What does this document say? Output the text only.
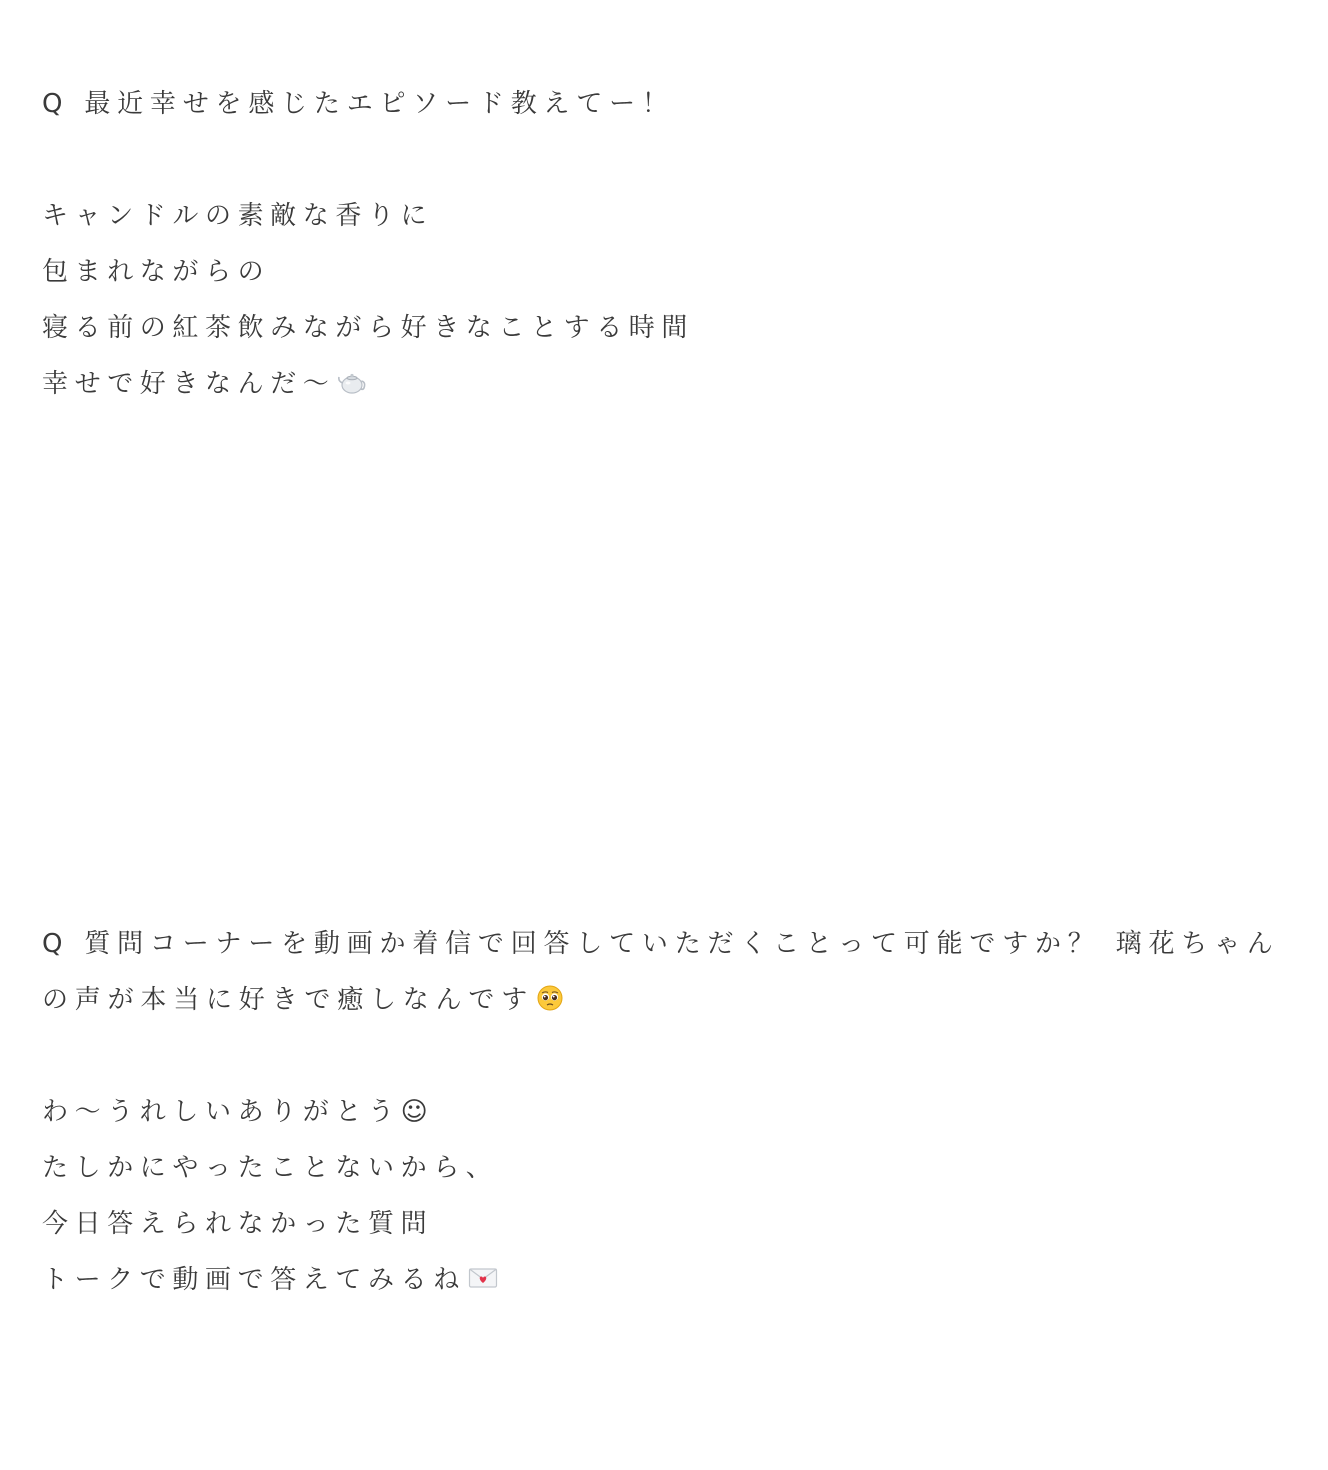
Q 最近幸せを感じたエピソード教えてー！
キャンドルの素敵な香りに
包まれながらの
寝る前の紅茶飲みながら好きなことする時間
幸せで好きなんだ〜
Q 質問コーナーを動画か着信で回答していただくことって可能ですか？ 璃花ちゃん
の声が本当に好きで癒しなんです
わ〜うれしいありがとう☺
たしかにやったことないから、
今日答えられなかった質問
トークで動画で答えてみるね
